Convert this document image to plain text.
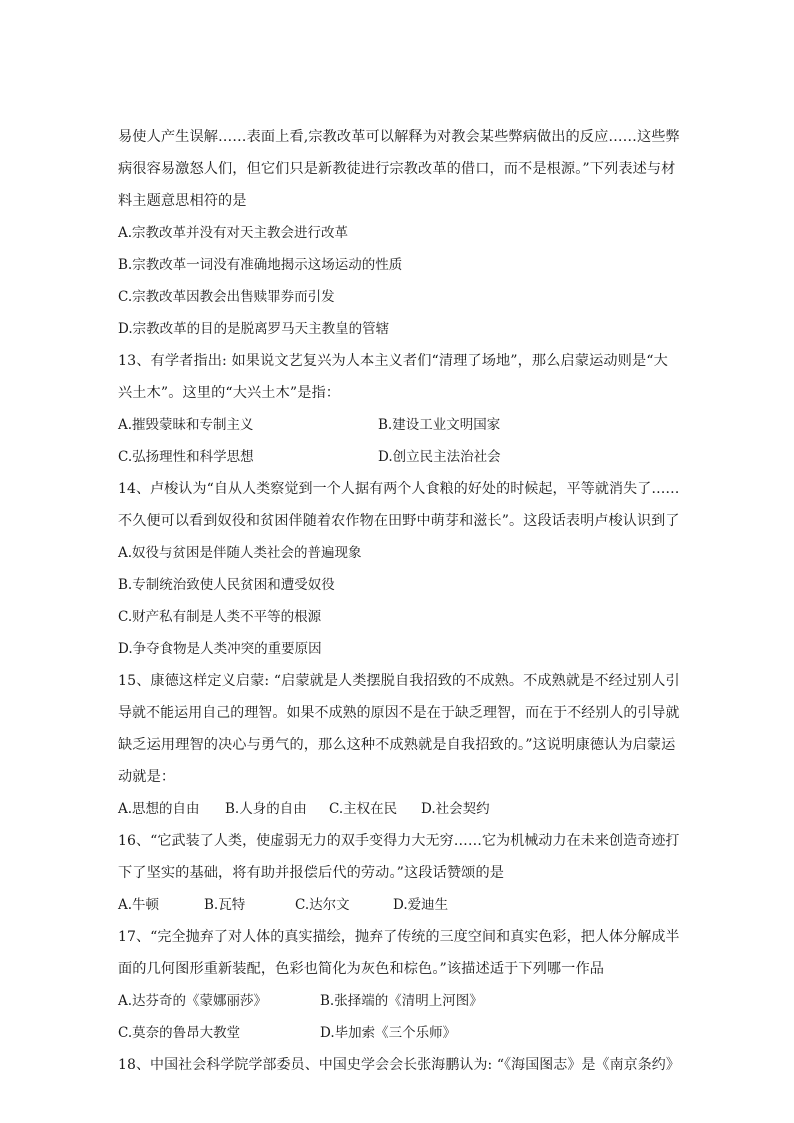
易使人产生误解……表面上看,宗教改革可以解释为对教会某些弊病做出的反应……这些弊
病很容易激怒人们，但它们只是新教徒进行宗教改革的借口，而不是根源。”下列表述与材
料主题意思相符的是
A.宗教改革并没有对天主教会进行改革
B.宗教改革一词没有准确地揭示这场运动的性质
C.宗教改革因教会出售赎罪券而引发
D.宗教改革的目的是脱离罗马天主教皇的管辖
13、有学者指出: 如果说文艺复兴为人本主义者们“清理了场地”，那么启蒙运动则是“大
兴土木”。这里的“大兴土木”是指：
A.摧毁蒙昧和专制主义	B.建设工业文明国家
C.弘扬理性和科学思想	D.创立民主法治社会
14、卢梭认为“自从人类察觉到一个人据有两个人食粮的好处的时候起，平等就消失了……
不久便可以看到奴役和贫困伴随着农作物在田野中萌芽和滋长”。这段话表明卢梭认识到了
A.奴役与贫困是伴随人类社会的普遍现象
B.专制统治致使人民贫困和遭受奴役
C.财产私有制是人类不平等的根源
D.争夺食物是人类冲突的重要原因
15、康德这样定义启蒙: “启蒙就是人类摆脱自我招致的不成熟。不成熟就是不经过别人引
导就不能运用自己的理智。如果不成熟的原因不是在于缺乏理智，而在于不经别人的引导就
缺乏运用理智的决心与勇气的，那么这种不成熟就是自我招致的。”这说明康德认为启蒙运
动就是：
A.思想的自由 B.人身的自由 C.主权在民 D.社会契约
16、“它武装了人类，使虚弱无力的双手变得力大无穷……它为机械动力在未来创造奇迹打
下了坚实的基础，将有助并报偿后代的劳动。”这段话赞颂的是
A.牛顿	B.瓦特	C.达尔文	D.爱迪生
17、“完全抛弃了对人体的真实描绘，抛弃了传统的三度空间和真实色彩，把人体分解成半
面的几何图形重新装配，色彩也简化为灰色和棕色。”该描述适于下列哪一作品
A.达芬奇的《蒙娜丽莎》	B.张择端的《清明上河图》
C.莫奈的鲁昂大教堂	D.毕加索《三个乐师》
18、中国社会科学院学部委员、中国史学会会长张海鹏认为: “《海国图志》是《南京条约》
